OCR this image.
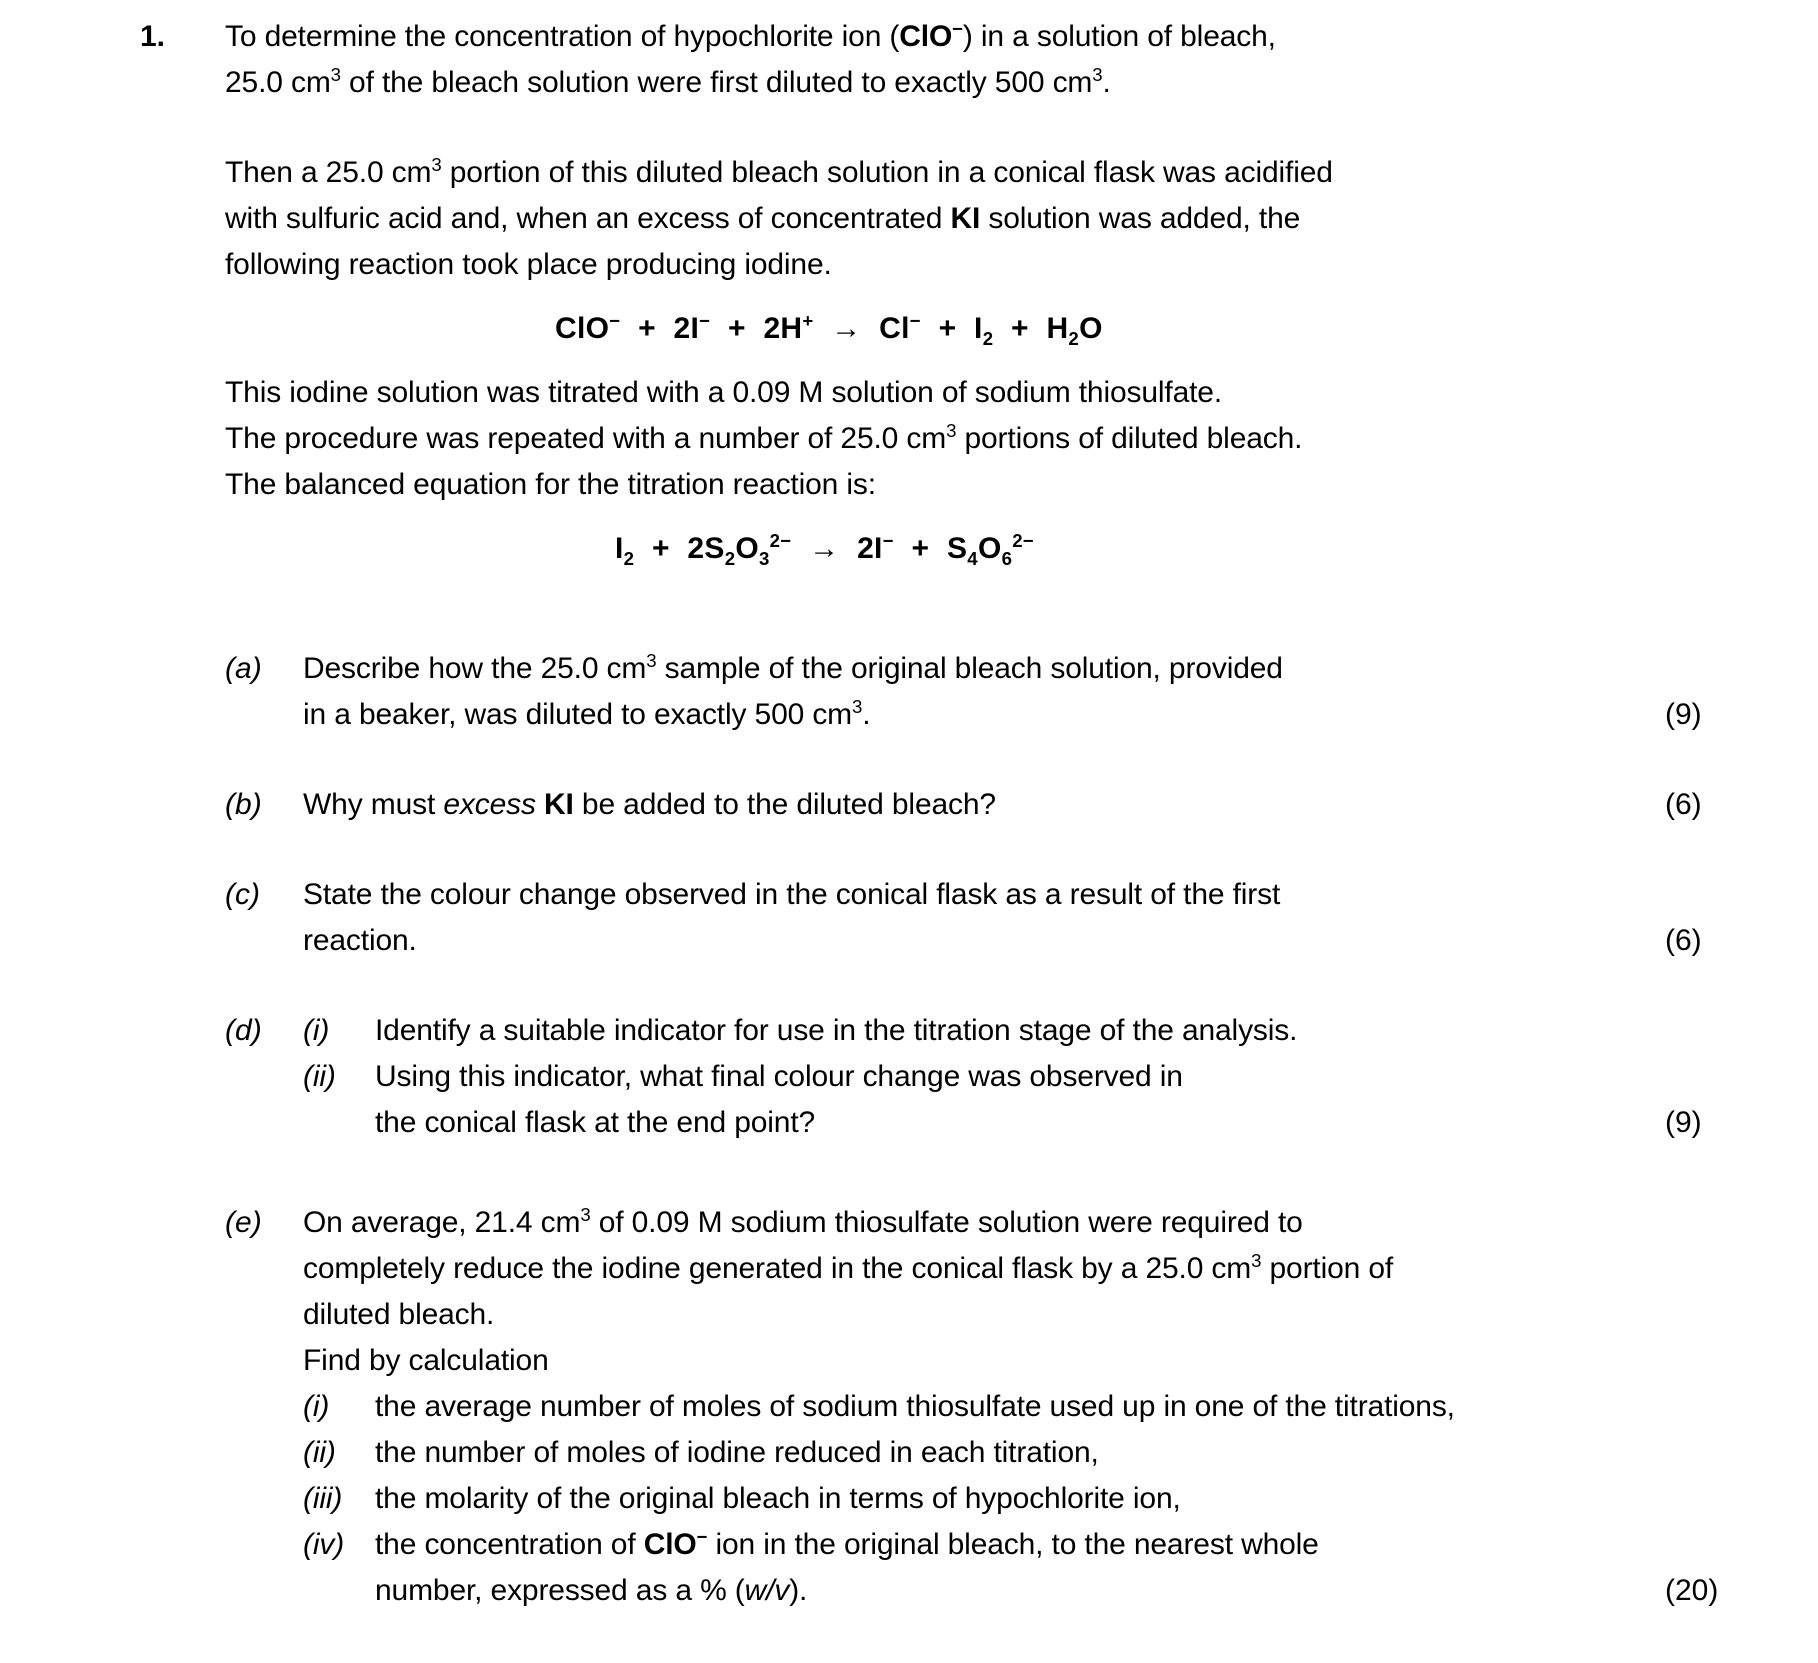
1.	To determine the concentration of hypochlorite ion (ClO−) in a solution of bleach,
25.0 $cm^3$ of the bleach solution were first diluted to exactly 500 $cm^3$.
Then a 25.0 $cm^3$ portion of this diluted bleach solution in a conical flask was acidified with sulfuric acid and, when an excess of concentrated KI solution was added, the following reaction took place producing iodine.
$ClO^- + 2I^- + 2H^+ \to Cl^- + I_2 + H_2O$
This iodine solution was titrated with a 0.09 M solution of sodium thiosulfate.
The procedure was repeated with a number of 25.0 $cm^3$ portions of diluted bleach.
The balanced equation for the titration reaction is:
$I_2 + 2S_2O_3^{2-} \to 2I^- + S_4O_6^{2-}$
(a)	Describe how the 25.0 $cm^3$ sample of the original bleach solution, provided
in a beaker, was diluted to exactly 500 $cm^3$.	(9)
(b)	Why must excess KI be added to the diluted bleach?	(6)
(c)	State the colour change observed in the conical flask as a result of the first
reaction.	(6)
(d)	(i)	Identify a suitable indicator for use in the titration stage of the analysis.
(ii)	Using this indicator, what final colour change was observed in
the conical flask at the end point?	(9)
(e)	On average, 21.4 $cm^3$ of 0.09 M sodium thiosulfate solution were required to completely reduce the iodine generated in the conical flask by a 25.0 $cm^3$ portion of diluted bleach.
Find by calculation
(i)	the average number of moles of sodium thiosulfate used up in one of the titrations,
(ii)	the number of moles of iodine reduced in each titration,
(iii)	the molarity of the original bleach in terms of hypochlorite ion,
(iv)	the concentration of ClO− ion in the original bleach, to the nearest whole
number, expressed as a % (w/v).	(20)
